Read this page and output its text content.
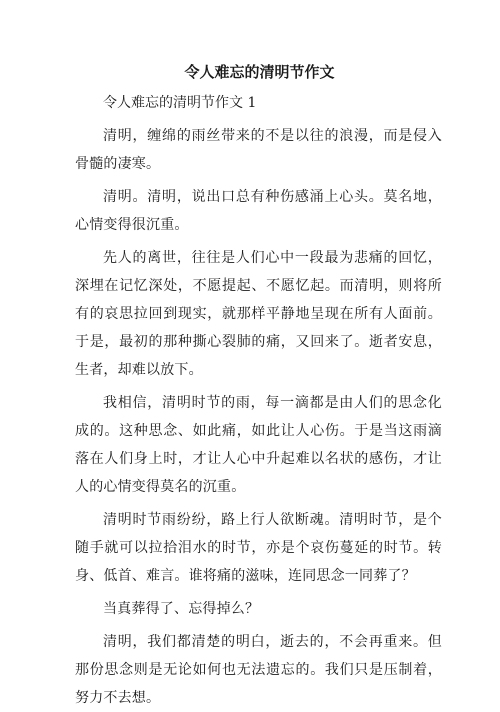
令人难忘的清明节作文
令人难忘的清明节作文 1
清明，缠绵的雨丝带来的不是以往的浪漫，而是侵入骨髓的凄寒。
清明。清明，说出口总有种伤感涌上心头。莫名地，心情变得很沉重。
先人的离世，往往是人们心中一段最为悲痛的回忆，深埋在记忆深处，不愿提起、不愿忆起。而清明，则将所有的哀思拉回到现实，就那样平静地呈现在所有人面前。于是，最初的那种撕心裂肺的痛，又回来了。逝者安息，生者，却难以放下。
我相信，清明时节的雨，每一滴都是由人们的思念化成的。这种思念、如此痛，如此让人心伤。于是当这雨滴落在人们身上时，才让人心中升起难以名状的感伤，才让人的心情变得莫名的沉重。
清明时节雨纷纷，路上行人欲断魂。清明时节，是个随手就可以拉拾泪水的时节，亦是个哀伤蔓延的时节。转身、低首、难言。谁将痛的滋味，连同思念一同葬了？
当真葬得了、忘得掉么？
清明，我们都清楚的明白，逝去的，不会再重来。但那份思念则是无论如何也无法遗忘的。我们只是压制着，努力不去想。
